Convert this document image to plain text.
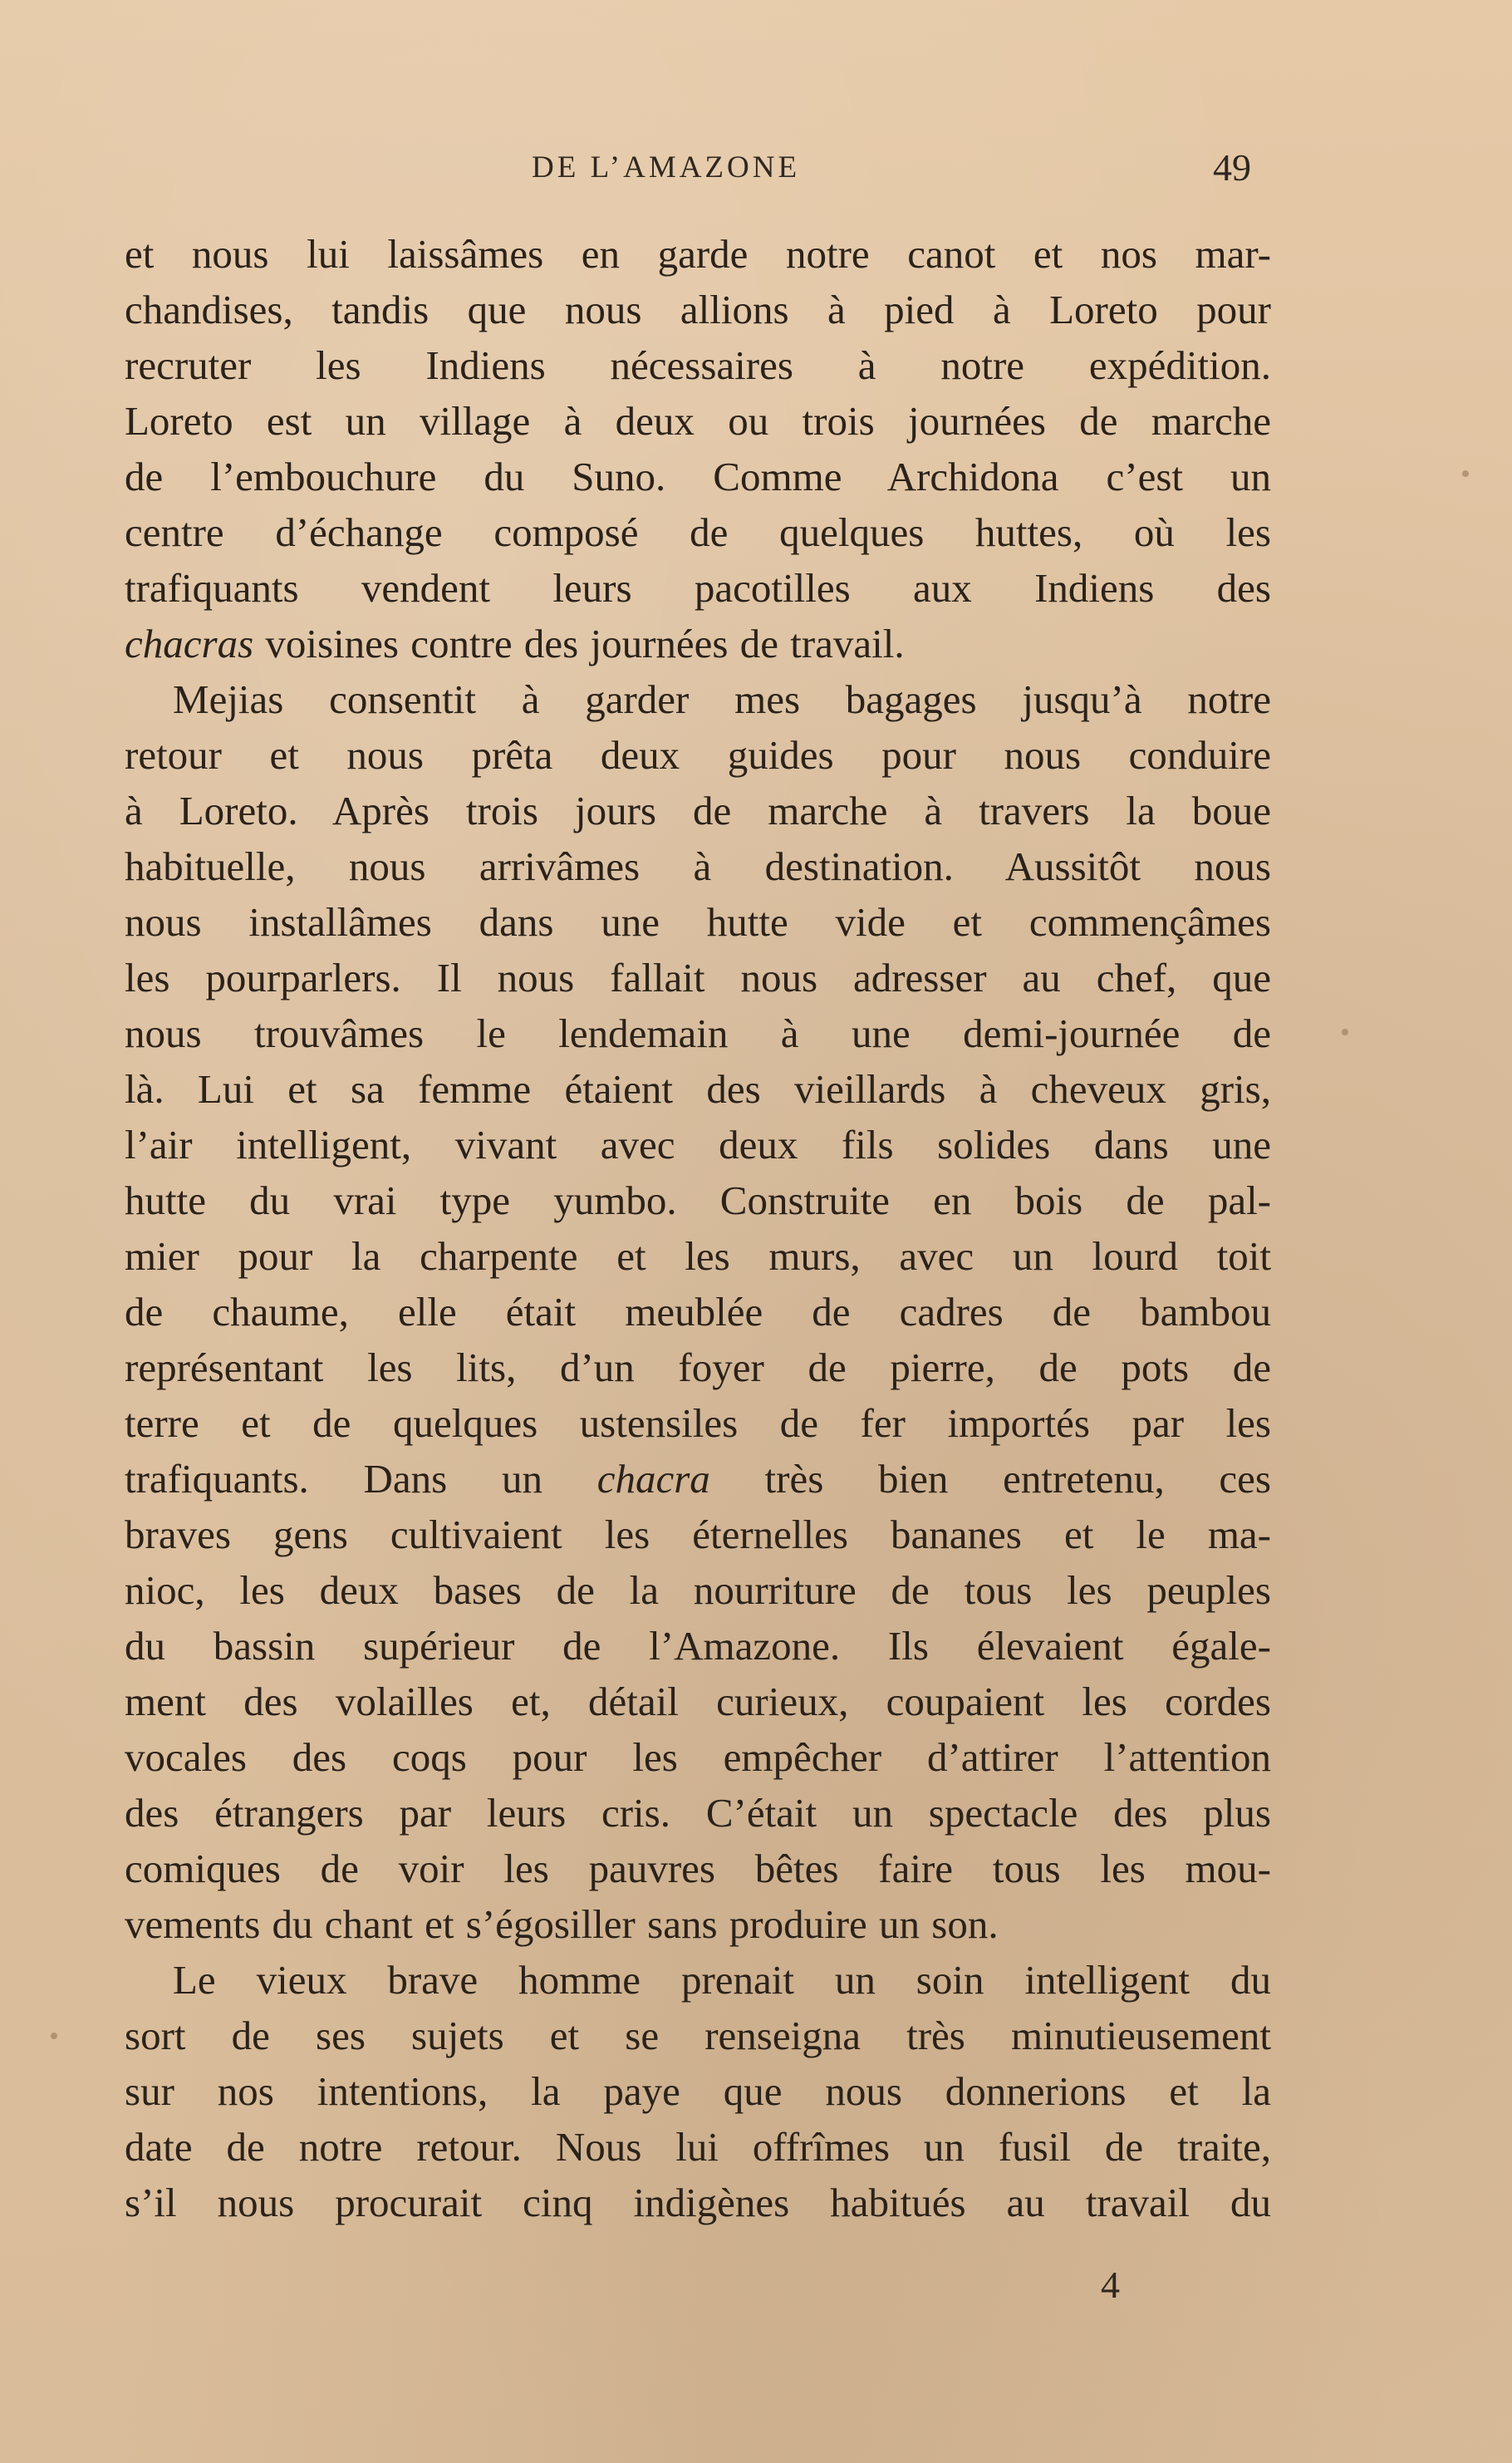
DE L’AMAZONE	49

et nous lui laissâmes en garde notre canot et nos mar-
chandises, tandis que nous allions à pied à Loreto pour
recruter les Indiens nécessaires à notre expédition.
Loreto est un village à deux ou trois journées de marche
de l’embouchure du Suno. Comme Archidona c’est un
centre d’échange composé de quelques huttes, où les
trafiquants vendent leurs pacotilles aux Indiens des
chacras voisines contre des journées de travail.

Mejias consentit à garder mes bagages jusqu’à notre
retour et nous prêta deux guides pour nous conduire
à Loreto. Après trois jours de marche à travers la boue
habituelle, nous arrivâmes à destination. Aussitôt nous
nous installâmes dans une hutte vide et commençâmes
les pourparlers. Il nous fallait nous adresser au chef, que
nous trouvâmes le lendemain à une demi-journée de
là. Lui et sa femme étaient des vieillards à cheveux gris,
l’air intelligent, vivant avec deux fils solides dans une
hutte du vrai type yumbo. Construite en bois de pal-
mier pour la charpente et les murs, avec un lourd toit
de chaume, elle était meublée de cadres de bambou
représentant les lits, d’un foyer de pierre, de pots de
terre et de quelques ustensiles de fer importés par les
trafiquants. Dans un chacra très bien entretenu, ces
braves gens cultivaient les éternelles bananes et le ma-
nioc, les deux bases de la nourriture de tous les peuples
du bassin supérieur de l’Amazone. Ils élevaient égale-
ment des volailles et, détail curieux, coupaient les cordes
vocales des coqs pour les empêcher d’attirer l’attention
des étrangers par leurs cris. C’était un spectacle des plus
comiques de voir les pauvres bêtes faire tous les mou-
vements du chant et s’égosiller sans produire un son.

Le vieux brave homme prenait un soin intelligent du
sort de ses sujets et se renseigna très minutieusement
sur nos intentions, la paye que nous donnerions et la
date de notre retour. Nous lui offrîmes un fusil de traite,
s’il nous procurait cinq indigènes habitués au travail du

4
